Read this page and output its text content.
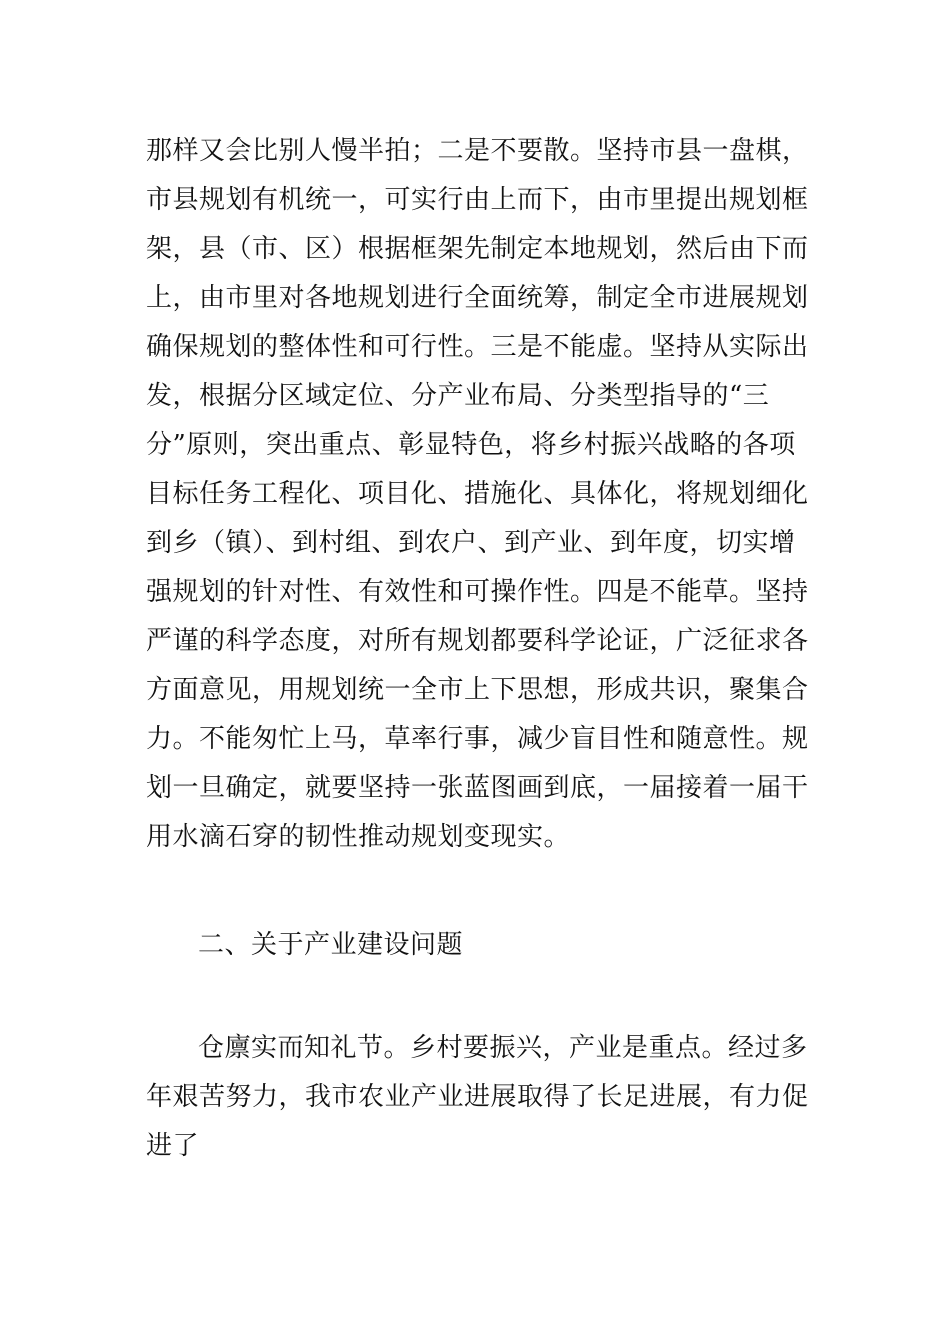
那样又会比别人慢半拍；二是不要散。坚持市县一盘棋，
市县规划有机统一，可实行由上而下，由市里提出规划框
架，县（市、区）根据框架先制定本地规划，然后由下而
上，由市里对各地规划进行全面统筹，制定全市进展规划
确保规划的整体性和可行性。三是不能虚。坚持从实际出
发，根据分区域定位、分产业布局、分类型指导的“三
分”原则，突出重点、彰显特色，将乡村振兴战略的各项
目标任务工程化、项目化、措施化、具体化，将规划细化
到乡（镇）、到村组、到农户、到产业、到年度，切实增
强规划的针对性、有效性和可操作性。四是不能草。坚持
严谨的科学态度，对所有规划都要科学论证，广泛征求各
方面意见，用规划统一全市上下思想，形成共识，聚集合
力。不能匆忙上马，草率行事，减少盲目性和随意性。规
划一旦确定，就要坚持一张蓝图画到底，一届接着一届干
用水滴石穿的韧性推动规划变现实。
二、关于产业建设问题
仓廪实而知礼节。乡村要振兴，产业是重点。经过多
年艰苦努力，我市农业产业进展取得了长足进展，有力促
进了
